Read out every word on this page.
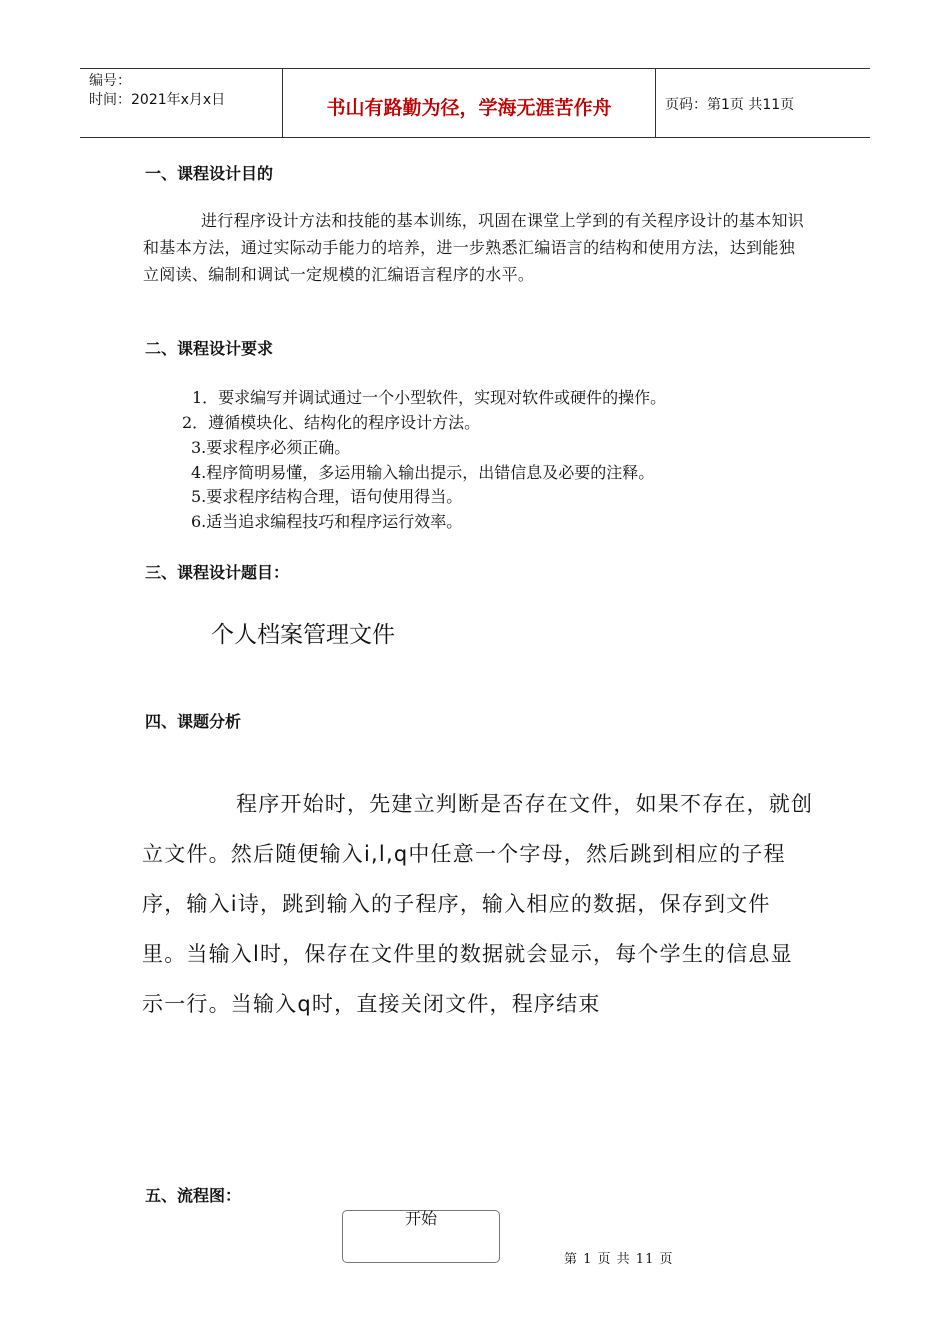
编号：
时间：2021年x月x日	书山有路勤为径，学海无涯苦作舟	页码：第1页 共11页
一、课程设计目的
进行程序设计方法和技能的基本训练，巩固在课堂上学到的有关程序设计的基本知识和基本方法，通过实际动手能力的培养，进一步熟悉汇编语言的结构和使用方法，达到能独立阅读、编制和调试一定规模的汇编语言程序的水平。
二、课程设计要求
1．要求编写并调试通过一个小型软件，实现对软件或硬件的操作。
2．遵循模块化、结构化的程序设计方法。
3.要求程序必须正确。
4.程序简明易懂，多运用输入输出提示，出错信息及必要的注释。
5.要求程序结构合理，语句使用得当。
6.适当追求编程技巧和程序运行效率。
三、课程设计题目：
个人档案管理文件
四、课题分析
程序开始时，先建立判断是否存在文件，如果不存在，就创立文件。然后随便输入i,l,q中任意一个字母，然后跳到相应的子程序，输入i诗，跳到输入的子程序，输入相应的数据，保存到文件里。当输入l时，保存在文件里的数据就会显示，每个学生的信息显示一行。当输入q时，直接关闭文件，程序结束
五、流程图：
开始
第 1 页 共 11 页
